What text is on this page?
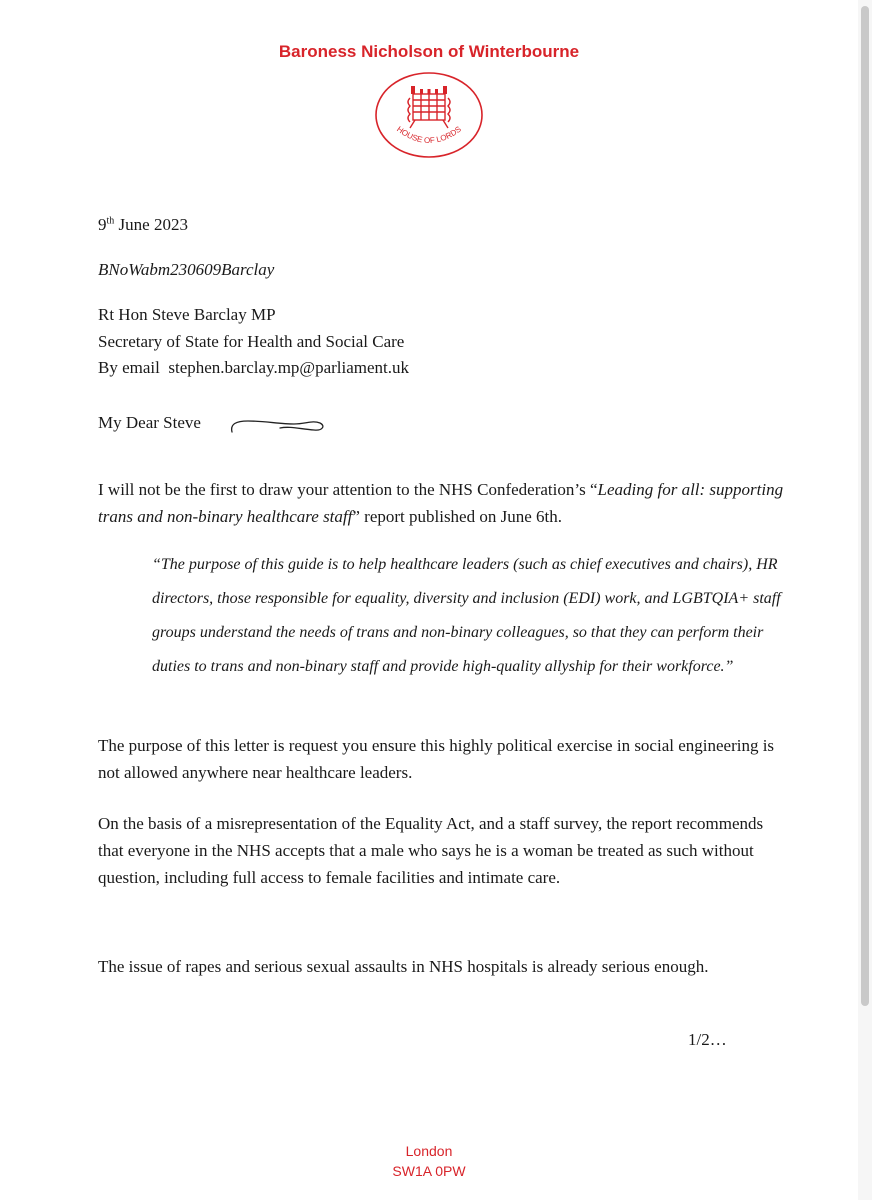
Baroness Nicholson of Winterbourne
HOUSE OF LORDS
9th June 2023
BNoWabm230609Barclay
Rt Hon Steve Barclay MP
Secretary of State for Health and Social Care
By email  stephen.barclay.mp@parliament.uk
My Dear Steve
I will not be the first to draw your attention to the NHS Confederation’s “Leading for all: supporting trans and non-binary healthcare staff” report published on June 6th.
“The purpose of this guide is to help healthcare leaders (such as chief executives and chairs), HR directors, those responsible for equality, diversity and inclusion (EDI) work, and LGBTQIA+ staff groups understand the needs of trans and non-binary colleagues, so that they can perform their duties to trans and non-binary staff and provide high-quality allyship for their workforce.”
The purpose of this letter is request you ensure this highly political exercise in social engineering is not allowed anywhere near healthcare leaders.
On the basis of a misrepresentation of the Equality Act, and a staff survey, the report recommends that everyone in the NHS accepts that a male who says he is a woman be treated as such without question, including full access to female facilities and intimate care.
The issue of rapes and serious sexual assaults in NHS hospitals is already serious enough.
1/2…
London
SW1A 0PW
